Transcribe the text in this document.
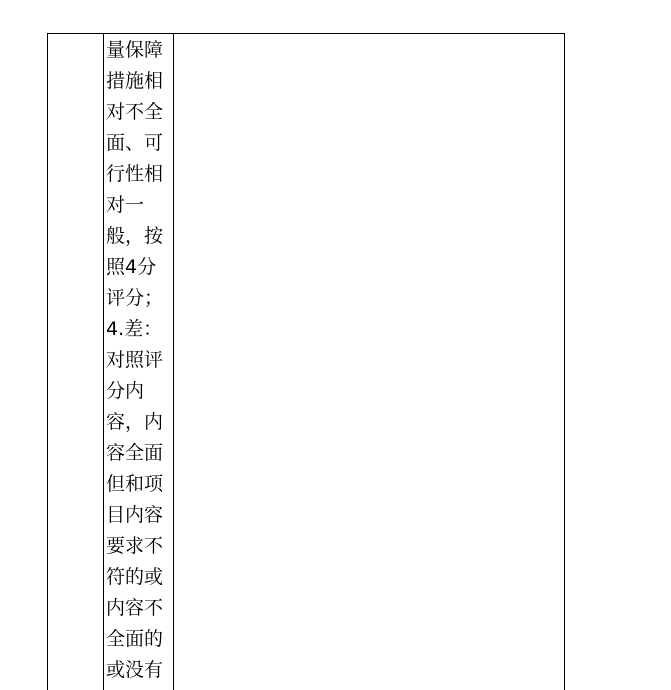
量保障
措施相
对不全
面、可
行性相
对一
般，按
照4分
评分；
4.差：
对照评
分内
容，内
容全面
但和项
目内容
要求不
符的或
内容不
全面的
或没有
